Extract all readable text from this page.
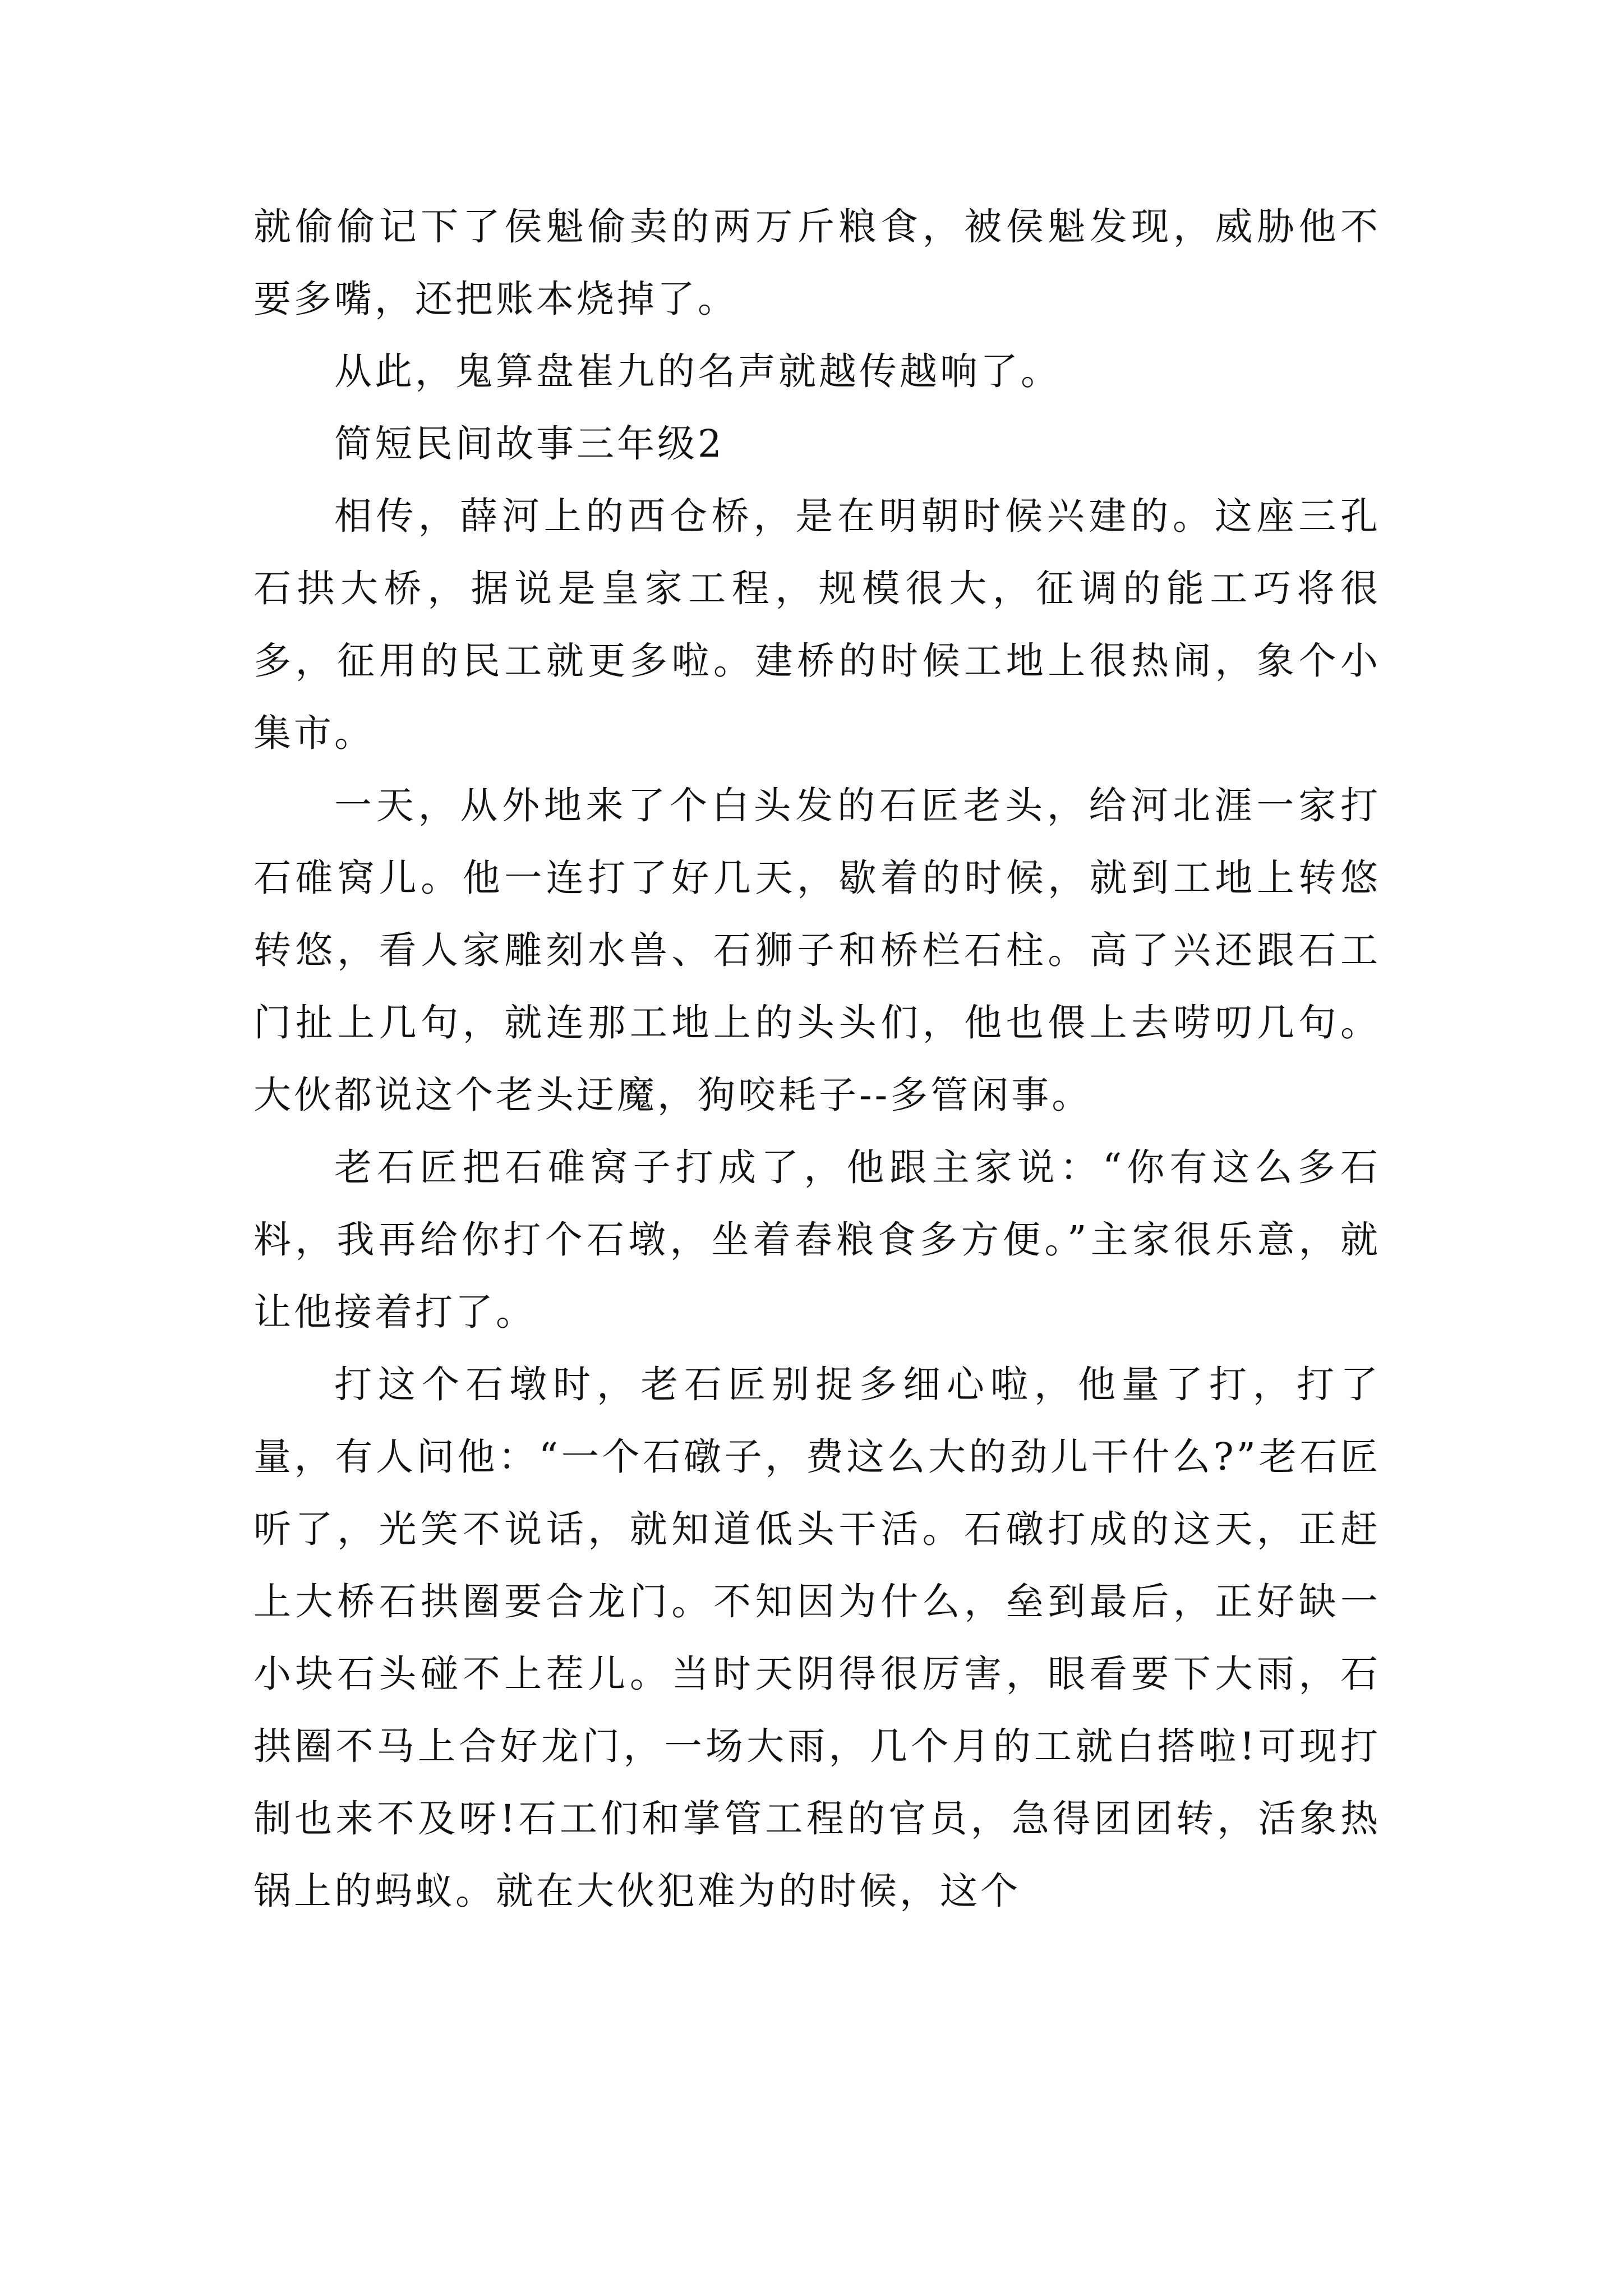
就偷偷记下了侯魁偷卖的两万斤粮食，被侯魁发现，威胁他不要多嘴，还把账本烧掉了。

从此，鬼算盘崔九的名声就越传越响了。

简短民间故事三年级2

相传，薛河上的西仓桥，是在明朝时候兴建的。这座三孔石拱大桥，据说是皇家工程，规模很大，征调的能工巧将很多，征用的民工就更多啦。建桥的时候工地上很热闹，象个小集市。

一天，从外地来了个白头发的石匠老头，给河北涯一家打石碓窝儿。他一连打了好几天，歇着的时候，就到工地上转悠转悠，看人家雕刻水兽、石狮子和桥栏石柱。高了兴还跟石工门扯上几句，就连那工地上的头头们，他也偎上去唠叨几句。大伙都说这个老头迂魔，狗咬耗子--多管闲事。

老石匠把石碓窝子打成了，他跟主家说：“你有这么多石料，我再给你打个石墩，坐着舂粮食多方便。”主家很乐意，就让他接着打了。

打这个石墩时，老石匠别捉多细心啦，他量了打，打了量，有人问他：“一个石礅子，费这么大的劲儿干什么?”老石匠听了，光笑不说话，就知道低头干活。石礅打成的这天，正赶上大桥石拱圈要合龙门。不知因为什么，垒到最后，正好缺一小块石头碰不上茬儿。当时天阴得很厉害，眼看要下大雨，石拱圈不马上合好龙门，一场大雨，几个月的工就白搭啦!可现打制也来不及呀!石工们和掌管工程的官员，急得团团转，活象热锅上的蚂蚁。就在大伙犯难为的时候，这个
